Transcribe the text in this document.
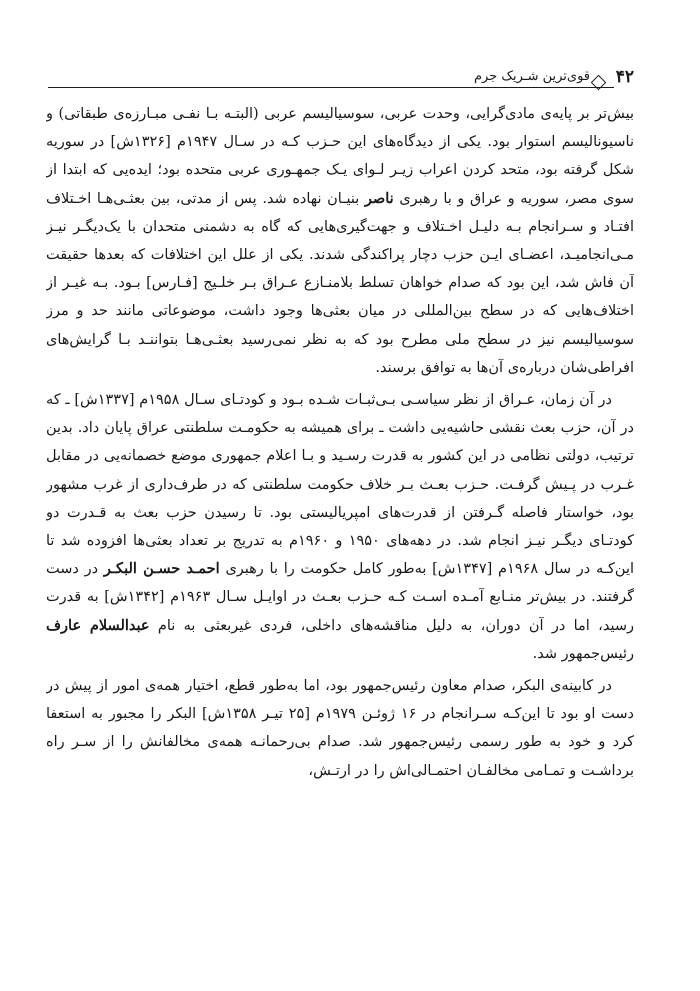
۴۲
قوی‌ترین شـریک جرم

بیش‌تر بر پایه‌ی مادی‌گرایی، وحدت عربی، سوسیالیسم عربی (البتـه بـا نفـی مبـارزه‌ی طبقاتی) و ناسیونالیسم استوار بود. یکی از دیدگاه‌های این حـزب کـه در سـال ۱۹۴۷م [۱۳۲۶ش] در سوریه شکل گرفته بود، متحد کردن اعراب زیـر لـوای یـک جمهـوری عربی متحده بود؛ ایده‌یی که ابتدا از سوی مصر، سوریه و عراق و با رهبری ناصر بنیـان نهاده شد. پس از مدتی، بین بعثـی‌هـا اخـتلاف افتـاد و سـرانجام بـه دلیـل اخـتلاف و جهت‌گیری‌هایی که گاه به دشمنی متحدان با یک‌دیگـر نیـز مـی‌انجامیـد، اعضـای ایـن حزب دچار پراکندگی شدند. یکی از علل این اختلافات که بعدها حقیقت آن فاش شد، این بود که صدام خواهان تسلط بلامنـازع عـراق بـر خلـیج [فـارس] بـود. بـه غیـر از اختلاف‌هایی که در سطح بین‌المللی در میان بعثی‌ها وجود داشت، موضوعاتی مانند حد و مرز سوسیالیسم نیز در سطح ملی مطرح بود که به نظر نمی‌رسید بعثـی‌هـا بتواننـد بـا گرایش‌های افراطی‌شان درباره‌ی آن‌ها به توافق برسند.

در آن زمان، عـراق از نظر سیاسـی بـی‌ثبـات شـده بـود و کودتـای سـال ۱۹۵۸م [۱۳۳۷ش] ـ که در آن، حزب بعث نقشی حاشیه‌یی داشت ـ برای همیشه به حکومـت سلطنتی عراق پایان داد. بدین ترتیب، دولتی نظامی در این کشور به قدرت رسـید و بـا اعلام جمهوری موضع خصمانه‌یی در مقابل غـرب در پـیش گرفـت. حـزب بعـث بـر خلاف حکومت سلطنتی که در طرف‌داری از غرب مشهور بود، خواستار فاصله گـرفتن از قدرت‌های امپریالیستی بود. تا رسیدن حزب بعث به قـدرت دو کودتـای دیگـر نیـز انجام شد. در دهه‌های ۱۹۵۰ و ۱۹۶۰م به تدریج بر تعداد بعثی‌ها افزوده شد تا این‌کـه در سال ۱۹۶۸م [۱۳۴۷ش] به‌طور کامل حکومت را با رهبری احمـد حسـن البکـر در دست گرفتند. در بیش‌تر منـابع آمـده اسـت کـه حـزب بعـث در اوایـل سـال ۱۹۶۳م [۱۳۴۲ش] به قدرت رسید، اما در آن دوران، به دلیل مناقشه‌های داخلی، فردی غیربعثی به نام عبدالسلام عارف رئیس‌جمهور شد.

در کابینه‌ی البکر، صدام معاون رئیس‌جمهور بود، اما به‌طور قطع، اختیار همه‌ی امور از پیش در دست او بود تا این‌کـه سـرانجام در ۱۶ ژوئـن ۱۹۷۹م [۲۵ تیـر ۱۳۵۸ش] البکر را مجبور به استعفا کرد و خود به طور رسمی رئیس‌جمهور شد. صدام بی‌رحمانـه همه‌ی مخالفانش را از سـر راه برداشـت و تمـامی مخالفـان احتمـالی‌اش را در ارتـش،
